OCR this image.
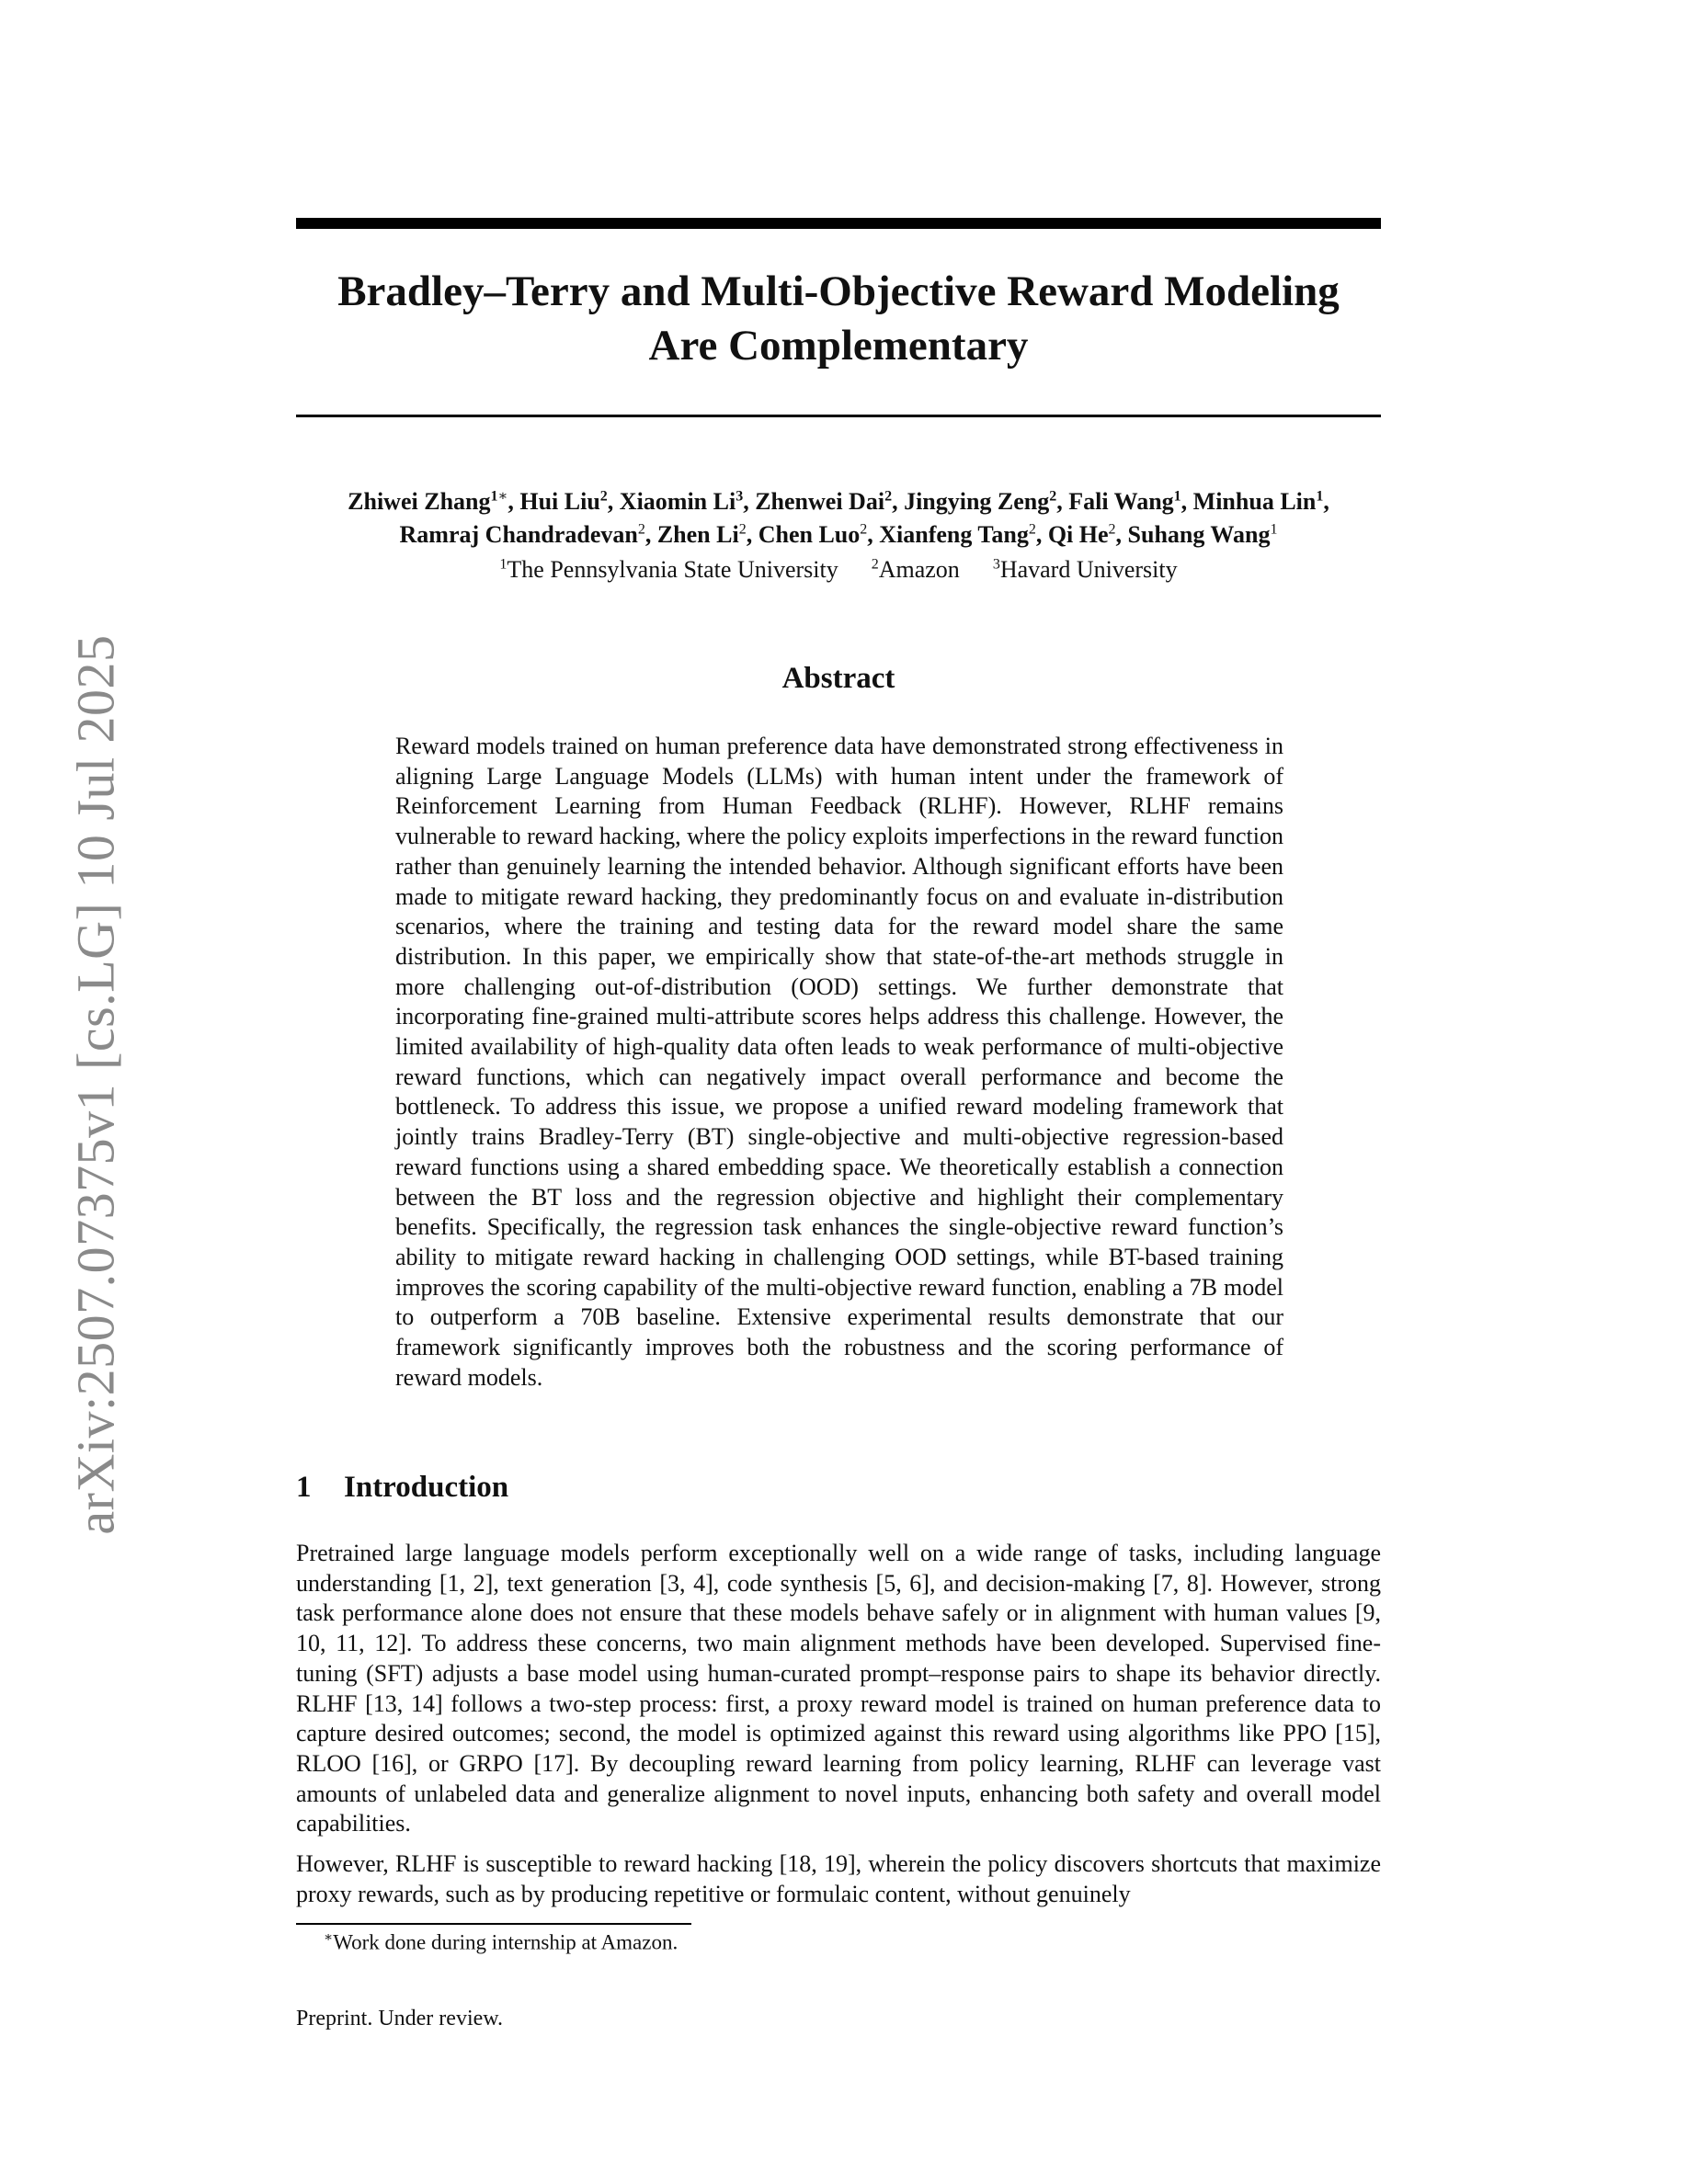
arXiv:2507.07375v1 [cs.LG] 10 Jul 2025
Bradley–Terry and Multi-Objective Reward Modeling
Are Complementary
Zhiwei Zhang$^{1∗}$, Hui Liu$^2$, Xiaomin Li$^3$, Zhenwei Dai$^2$, Jingying Zeng$^2$, Fali Wang$^1$, Minhua Lin$^1$,
Ramraj Chandradevan$^2$, Zhen Li$^2$, Chen Luo$^2$, Xianfeng Tang$^2$, Qi He$^2$, Suhang Wang$^1$
$^1$The Pennsylvania State University $^2$Amazon $^3$Havard University
Abstract
Reward models trained on human preference data have demonstrated strong effectiveness in aligning Large Language Models (LLMs) with human intent under the framework of Reinforcement Learning from Human Feedback (RLHF). However, RLHF remains vulnerable to reward hacking, where the policy exploits imperfections in the reward function rather than genuinely learning the intended behavior. Although significant efforts have been made to mitigate reward hacking, they predominantly focus on and evaluate in-distribution scenarios, where the training and testing data for the reward model share the same distribution. In this paper, we empirically show that state-of-the-art methods struggle in more challenging out-of-distribution (OOD) settings. We further demonstrate that incorporating fine-grained multi-attribute scores helps address this challenge. However, the limited availability of high-quality data often leads to weak performance of multi-objective reward functions, which can negatively impact overall performance and become the bottleneck. To address this issue, we propose a unified reward modeling framework that jointly trains Bradley-Terry (BT) single-objective and multi-objective regression-based reward functions using a shared embedding space. We theoretically establish a connection between the BT loss and the regression objective and highlight their complementary benefits. Specifically, the regression task enhances the single-objective reward function’s ability to mitigate reward hacking in challenging OOD settings, while BT-based training improves the scoring capability of the multi-objective reward function, enabling a 7B model to outperform a 70B baseline. Extensive experimental results demonstrate that our framework significantly improves both the robustness and the scoring performance of reward models.
1 Introduction
Pretrained large language models perform exceptionally well on a wide range of tasks, including language understanding [1, 2], text generation [3, 4], code synthesis [5, 6], and decision-making [7, 8]. However, strong task performance alone does not ensure that these models behave safely or in alignment with human values [9, 10, 11, 12]. To address these concerns, two main alignment methods have been developed. Supervised fine-tuning (SFT) adjusts a base model using human-curated prompt–response pairs to shape its behavior directly. RLHF [13, 14] follows a two-step process: first, a proxy reward model is trained on human preference data to capture desired outcomes; second, the model is optimized against this reward using algorithms like PPO [15], RLOO [16], or GRPO [17]. By decoupling reward learning from policy learning, RLHF can leverage vast amounts of unlabeled data and generalize alignment to novel inputs, enhancing both safety and overall model capabilities.
However, RLHF is susceptible to reward hacking [18, 19], wherein the policy discovers shortcuts that maximize proxy rewards, such as by producing repetitive or formulaic content, without genuinely
∗Work done during internship at Amazon.
Preprint. Under review.
